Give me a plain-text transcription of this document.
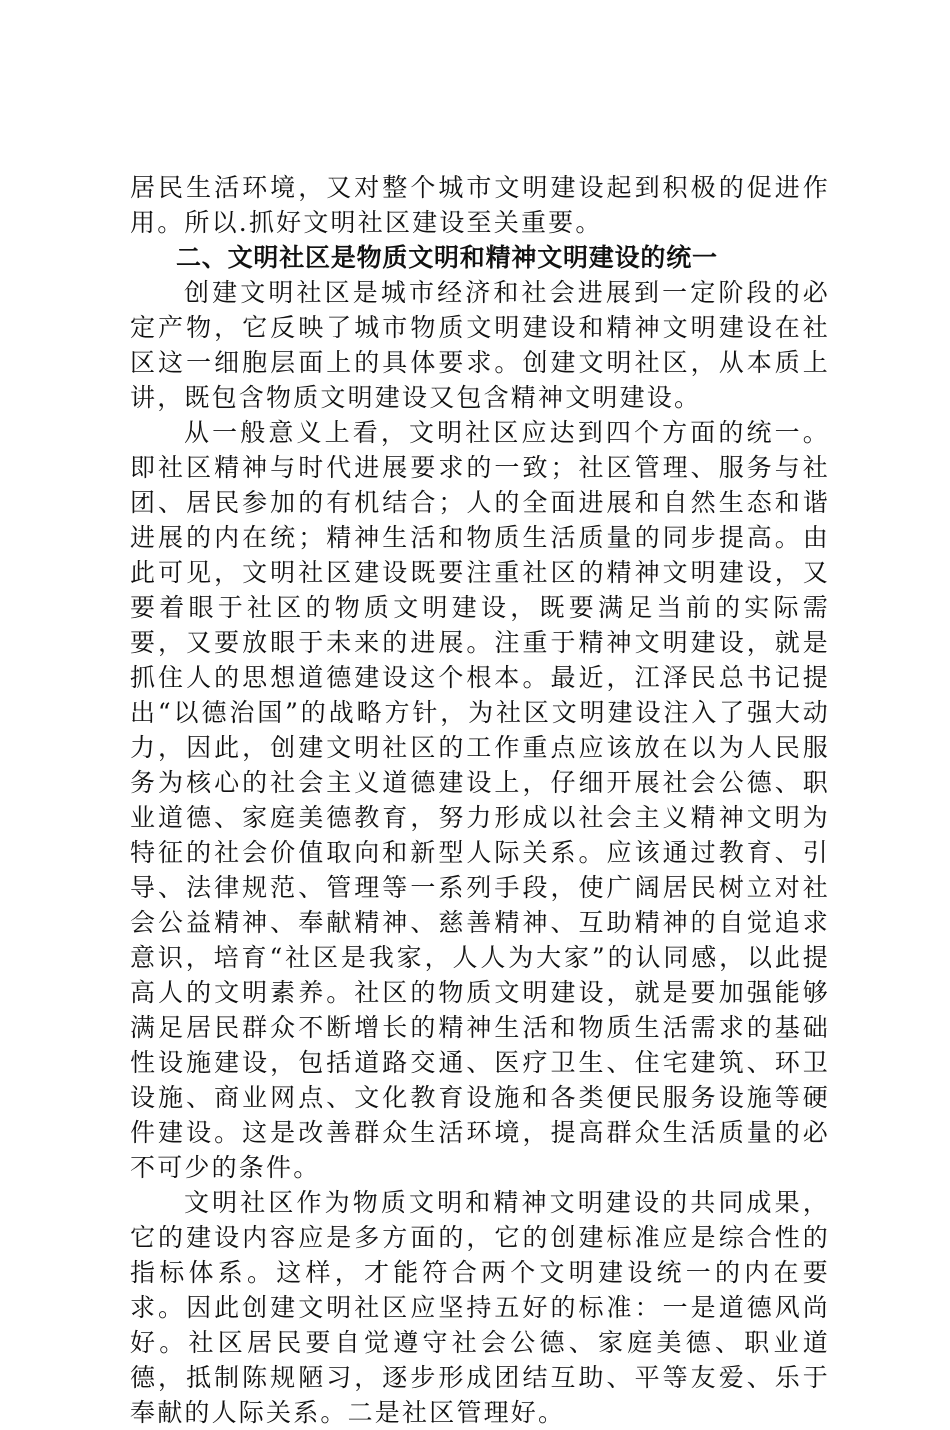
居民生活环境，又对整个城市文明建设起到积极的促进作用。所以.抓好文明社区建设至关重要。

二、文明社区是物质文明和精神文明建设的统一

创建文明社区是城市经济和社会进展到一定阶段的必定产物，它反映了城市物质文明建设和精神文明建设在社区这一细胞层面上的具体要求。创建文明社区，从本质上讲，既包含物质文明建设又包含精神文明建设。

从一般意义上看，文明社区应达到四个方面的统一。即社区精神与时代进展要求的一致；社区管理、服务与社团、居民参加的有机结合；人的全面进展和自然生态和谐进展的内在统；精神生活和物质生活质量的同步提高。由此可见，文明社区建设既要注重社区的精神文明建设，又要着眼于社区的物质文明建设，既要满足当前的实际需要，又要放眼于未来的进展。注重于精神文明建设，就是抓住人的思想道德建设这个根本。最近，江泽民总书记提出“以德治国”的战略方针，为社区文明建设注入了强大动力，因此，创建文明社区的工作重点应该放在以为人民服务为核心的社会主义道德建设上，仔细开展社会公德、职业道德、家庭美德教育，努力形成以社会主义精神文明为特征的社会价值取向和新型人际关系。应该通过教育、引导、法律规范、管理等一系列手段，使广阔居民树立对社会公益精神、奉献精神、慈善精神、互助精神的自觉追求意识，培育“社区是我家，人人为大家”的认同感，以此提高人的文明素养。社区的物质文明建设，就是要加强能够满足居民群众不断增长的精神生活和物质生活需求的基础性设施建设，包括道路交通、医疗卫生、住宅建筑、环卫设施、商业网点、文化教育设施和各类便民服务设施等硬件建设。这是改善群众生活环境，提高群众生活质量的必不可少的条件。

文明社区作为物质文明和精神文明建设的共同成果，它的建设内容应是多方面的，它的创建标准应是综合性的指标体系。这样，才能符合两个文明建设统一的内在要求。因此创建文明社区应坚持五好的标准：一是道德风尚好。社区居民要自觉遵守社会公德、家庭美德、职业道德，抵制陈规陋习，逐步形成团结互助、平等友爱、乐于奉献的人际关系。二是社区管理好。
